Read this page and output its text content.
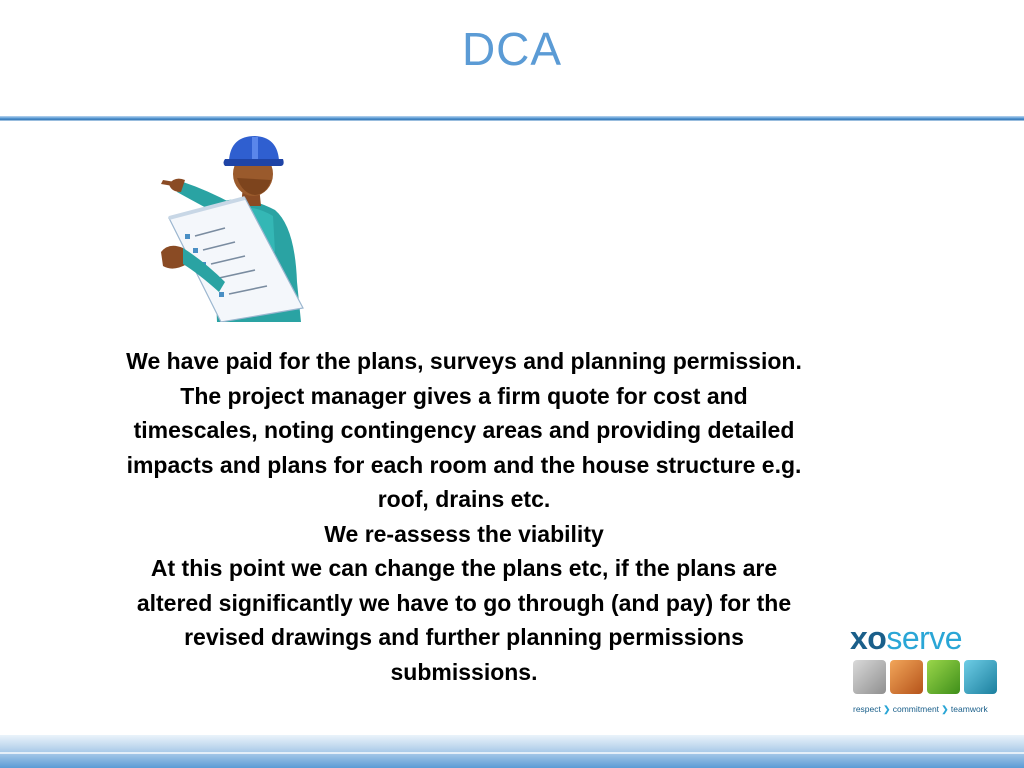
DCA

We have paid for the plans, surveys and planning permission.

The project manager gives a firm quote for cost and

timescales, noting contingency areas and providing detailed

impacts and plans for each room and the house structure e.g.

roof, drains etc.

We re-assess the viability

At this point we can change the plans etc, if the plans are

altered significantly we have to go through (and pay) for the

revised drawings and further planning permissions

submissions.

xoserve
respect ❯ commitment ❯ teamwork
